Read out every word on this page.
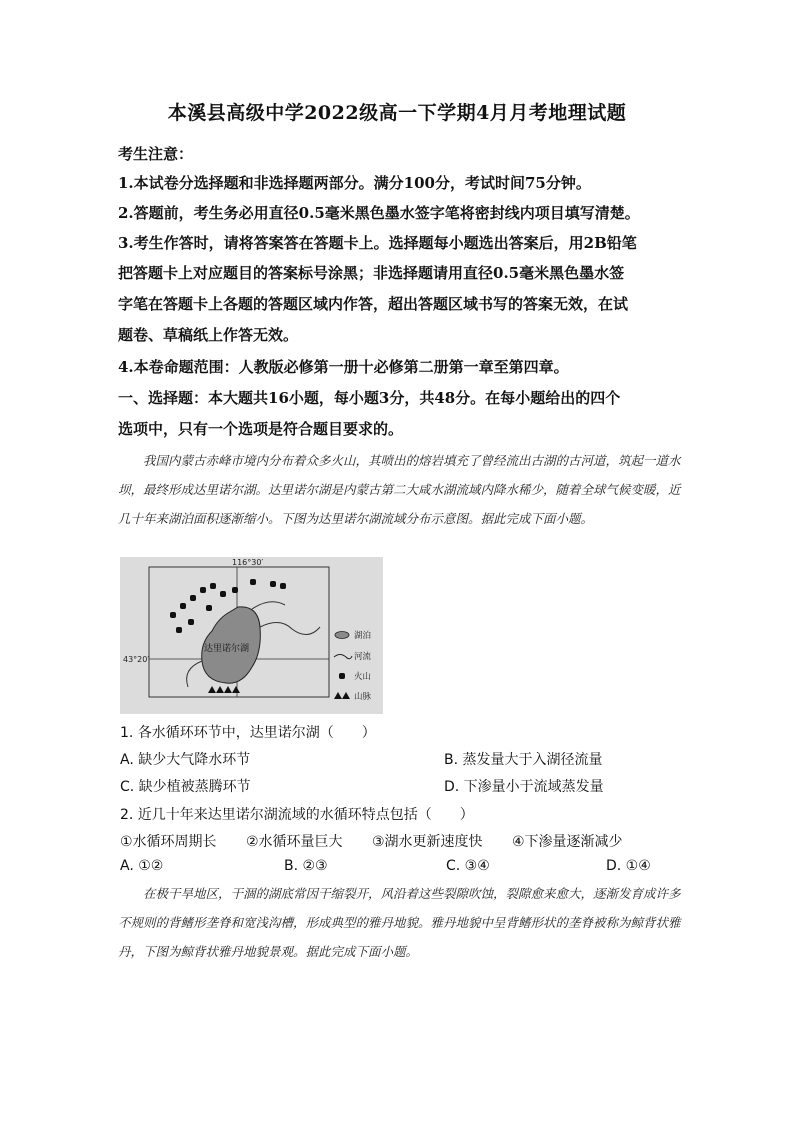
本溪县高级中学2022级高一下学期4月月考地理试题
考生注意：
1.本试卷分选择题和非选择题两部分。满分100分，考试时间75分钟。
2.答题前，考生务必用直径0.5毫米黑色墨水签字笔将密封线内项目填写清楚。
3.考生作答时，请将答案答在答题卡上。选择题每小题选出答案后，用2B铅笔
把答题卡上对应题目的答案标号涂黑；非选择题请用直径0.5毫米黑色墨水签
字笔在答题卡上各题的答题区域内作答，超出答题区域书写的答案无效，在试
题卷、草稿纸上作答无效。
4.本卷命题范围：人教版必修第一册十必修第二册第一章至第四章。
一、选择题：本大题共16小题，每小题3分，共48分。在每小题给出的四个
选项中，只有一个选项是符合题目要求的。
我国内蒙古赤峰市境内分布着众多火山，其喷出的熔岩填充了曾经流出古湖的古河道，筑起一道水坝，最终形成达里诺尔湖。达里诺尔湖是内蒙古第二大咸水湖流域内降水稀少，随着全球气候变暖，近几十年来湖泊面积逐渐缩小。下图为达里诺尔湖流域分布示意图。据此完成下面小题。
116°30′
43°20′
达里诺尔湖
湖泊
河流
火山
山脉
1. 各水循环环节中，达里诺尔湖（　　）
A. 缺少大气降水环节	B. 蒸发量大于入湖径流量
C. 缺少植被蒸腾环节	D. 下渗量小于流域蒸发量
2. 近几十年来达里诺尔湖流域的水循环特点包括（　　）
①水循环周期长 ②水循环量巨大 ③湖水更新速度快 ④下渗量逐渐减少
A. ①②	B. ②③	C. ③④	D. ①④
在极干旱地区，干涸的湖底常因干缩裂开，风沿着这些裂隙吹蚀，裂隙愈来愈大，逐渐发育成许多不规则的背鳍形垄脊和宽浅沟槽，形成典型的雅丹地貌。雅丹地貌中呈背鳍形状的垄脊被称为鲸背状雅丹，下图为鲸背状雅丹地貌景观。据此完成下面小题。
